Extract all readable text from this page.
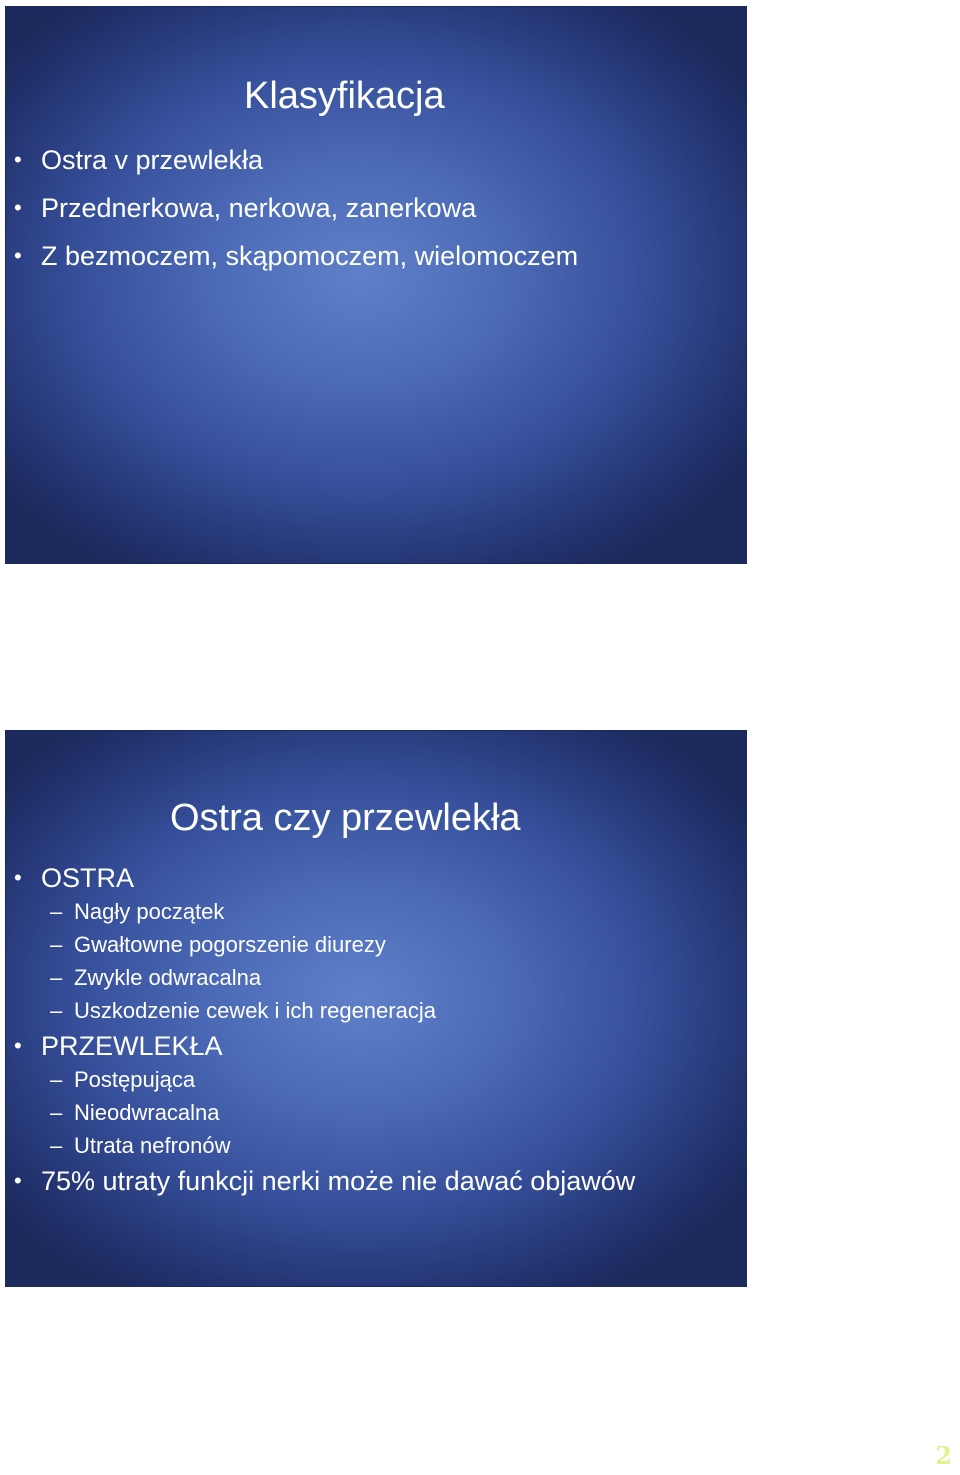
Klasyfikacja
• Ostra v przewlekła
• Przednerkowa, nerkowa, zanerkowa
• Z bezmoczem, skąpomoczem, wielomoczem
Ostra czy przewlekła
• OSTRA
– Nagły początek
– Gwałtowne pogorszenie diurezy
– Zwykle odwracalna
– Uszkodzenie cewek i ich regeneracja
• PRZEWLEKŁA
– Postępująca
– Nieodwracalna
– Utrata nefronów
• 75% utraty funkcji nerki może nie dawać objawów
2
